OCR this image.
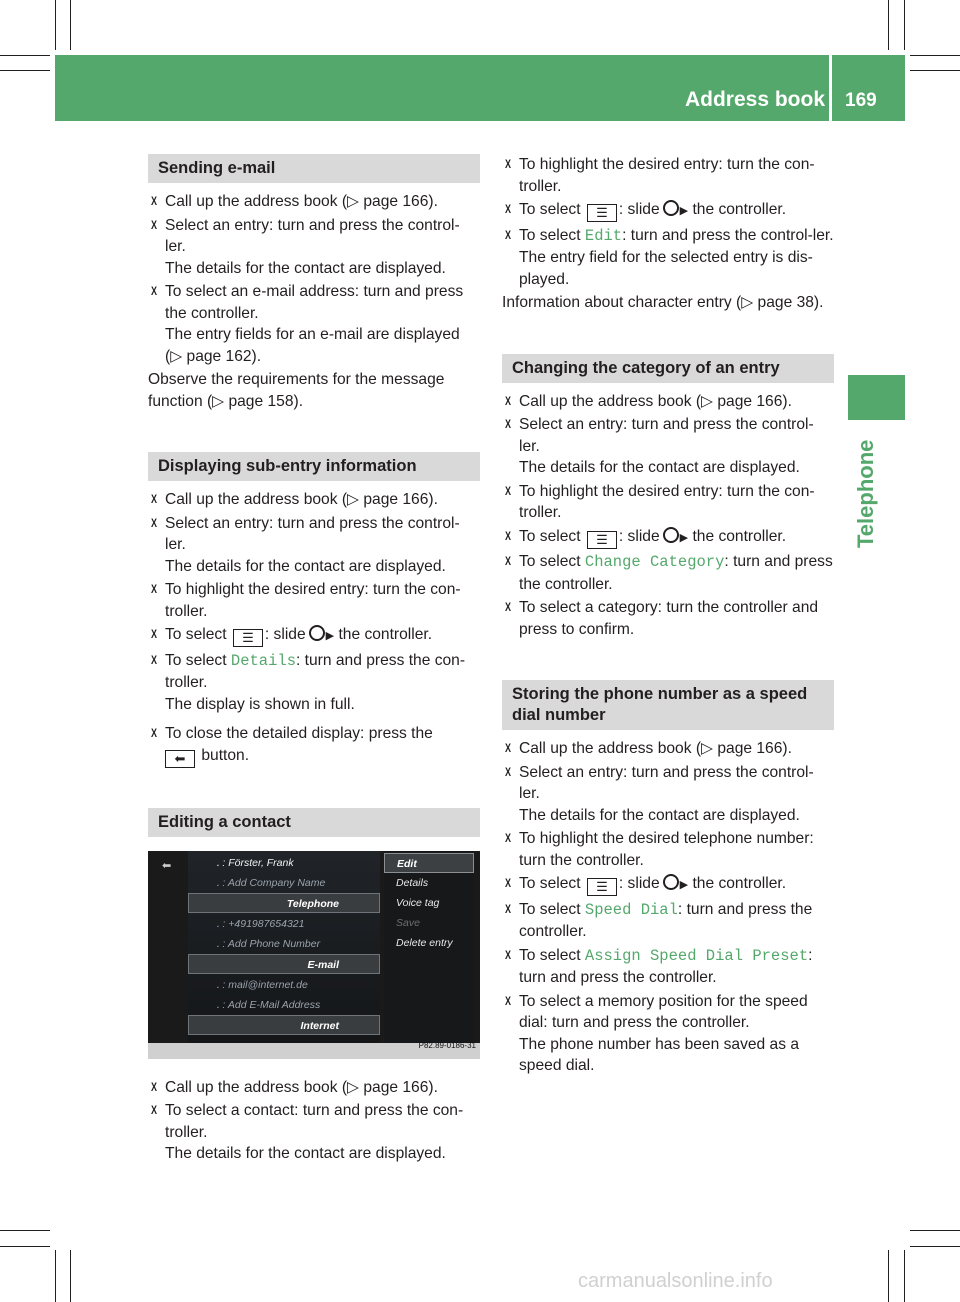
Address book 169
Telephone
Sending e-mail
X Call up the address book (▷ page 166).
X Select an entry: turn and press the control-ler.
The details for the contact are displayed.
X To select an e-mail address: turn and press the controller.
The entry fields for an e-mail are displayed (▷ page 162).
Observe the requirements for the message function (▷ page 158).
Displaying sub-entry information
X Call up the address book (▷ page 166).
X Select an entry: turn and press the control-ler.
The details for the contact are displayed.
X To highlight the desired entry: turn the con-troller.
X To select ☰ : slide ▶ the controller.
X To select Details: turn and press the con-troller.
The display is shown in full.
X To close the detailed display: press the
⬅ button.
Editing a contact
⬅	․ : Förster, Frank
․ : Add Company Name
Telephone
․ : +491987654321
․ : Add Phone Number
E-mail
․ : mail@internet.de
․ : Add E-Mail Address
Internet
Edit
Details
Voice tag
Save
Delete entry
P82.89-0186-31
X Call up the address book (▷ page 166).
X To select a contact: turn and press the con-troller.
The details for the contact are displayed.
X To highlight the desired entry: turn the con-troller.
X To select ☰ : slide ▶ the controller.
X To select Edit: turn and press the control-ler.
The entry field for the selected entry is dis-played.
Information about character entry (▷ page 38).
Changing the category of an entry
X Call up the address book (▷ page 166).
X Select an entry: turn and press the control-ler.
The details for the contact are displayed.
X To highlight the desired entry: turn the con-troller.
X To select ☰ : slide ▶ the controller.
X To select Change Category: turn and press the controller.
X To select a category: turn the controller and press to confirm.
Storing the phone number as a speed dial number
X Call up the address book (▷ page 166).
X Select an entry: turn and press the control-ler.
The details for the contact are displayed.
X To highlight the desired telephone number: turn the controller.
X To select ☰ : slide ▶ the controller.
X To select Speed Dial: turn and press the controller.
X To select Assign Speed Dial Preset: turn and press the controller.
X To select a memory position for the speed dial: turn and press the controller.
The phone number has been saved as a speed dial.
carmanualsonline.info
